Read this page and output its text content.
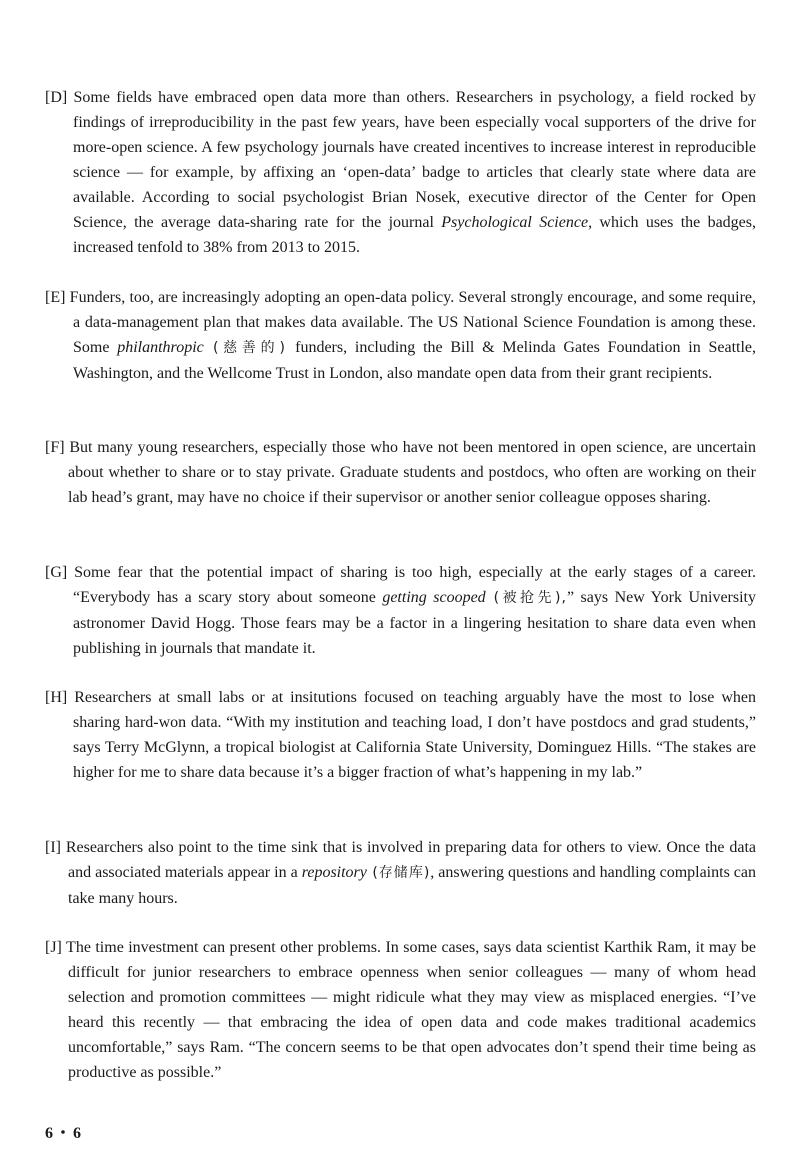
[D] Some fields have embraced open data more than others. Researchers in psychology, a field rocked by findings of irreproducibility in the past few years, have been especially vocal supporters of the drive for more-open science. A few psychology journals have created incentives to increase interest in reproducible science — for example, by affixing an ‘open-data’ badge to articles that clearly state where data are available. According to social psychologist Brian Nosek, executive director of the Center for Open Science, the average data-sharing rate for the journal Psychological Science, which uses the badges, increased tenfold to 38% from 2013 to 2015.

[E] Funders, too, are increasingly adopting an open-data policy. Several strongly encourage, and some require, a data-management plan that makes data available. The US National Science Foundation is among these. Some philanthropic (慈善的) funders, including the Bill & Melinda Gates Foundation in Seattle, Washington, and the Wellcome Trust in London, also mandate open data from their grant recipients.

[F] But many young researchers, especially those who have not been mentored in open science, are uncertain about whether to share or to stay private. Graduate students and postdocs, who often are working on their lab head’s grant, may have no choice if their supervisor or another senior colleague opposes sharing.

[G] Some fear that the potential impact of sharing is too high, especially at the early stages of a career. “Everybody has a scary story about someone getting scooped (被抢先),” says New York University astronomer David Hogg. Those fears may be a factor in a lingering hesitation to share data even when publishing in journals that mandate it.

[H] Researchers at small labs or at insitutions focused on teaching arguably have the most to lose when sharing hard-won data. “With my institution and teaching load, I don’t have postdocs and grad students,” says Terry McGlynn, a tropical biologist at California State University, Dominguez Hills. “The stakes are higher for me to share data because it’s a bigger fraction of what’s happening in my lab.”

[I] Researchers also point to the time sink that is involved in preparing data for others to view. Once the data and associated materials appear in a repository (存储库), answering questions and handling complaints can take many hours.

[J] The time investment can present other problems. In some cases, says data scientist Karthik Ram, it may be difficult for junior researchers to embrace openness when senior colleagues — many of whom head selection and promotion committees — might ridicule what they may view as misplaced energies. “I’ve heard this recently — that embracing the idea of open data and code makes traditional academics uncomfortable,” says Ram. “The concern seems to be that open advocates don’t spend their time being as productive as possible.”

6・6
